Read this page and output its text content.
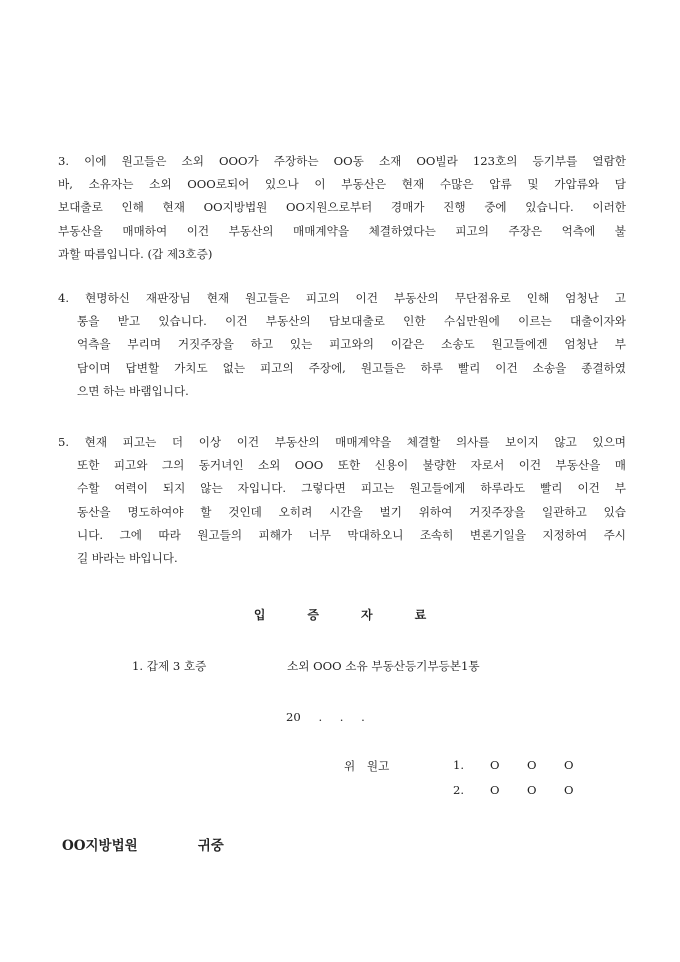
3. 이에 원고들은 소외 OOO가 주장하는 OO동 소재 OO빌라 123호의 등기부를 열람한
바, 소유자는 소외 OOO로되어 있으나 이 부동산은 현재 수많은 압류 및 가압류와 담
보대출로 인해 현재 OO지방법원 OO지원으로부터 경매가 진행 중에 있습니다. 이러한
부동산을 매매하여 이건 부동산의 매매계약을 체결하였다는 피고의 주장은 억측에 불
과할 따름입니다. (갑 제3호증)
4. 현명하신 재판장님 현재 원고들은 피고의 이건 부동산의 무단점유로 인해 엄청난 고
통을 받고 있습니다. 이건 부동산의 담보대출로 인한 수십만원에 이르는 대출이자와
억측을 부리며 거짓주장을 하고 있는 피고와의 이같은 소송도 원고들에겐 엄청난 부
담이며 답변할 가치도 없는 피고의 주장에, 원고들은 하루 빨리 이건 소송을 종결하였
으면 하는 바램입니다.
5. 현재 피고는 더 이상 이건 부동산의 매매계약을 체결할 의사를 보이지 않고 있으며
또한 피고와 그의 동거녀인 소외 OOO 또한 신용이 불량한 자로서 이건 부동산을 매
수할 여력이 되지 않는 자입니다. 그렇다면 피고는 원고들에게 하루라도 빨리 이건 부
동산을 명도하여야 할 것인데 오히려 시간을 벌기 위하여 거짓주장을 일관하고 있습
니다. 그에 따라 원고들의 피해가 너무 막대하오니 조속히 변론기일을 지정하여 주시
길 바라는 바입니다.
입	증	자	료
1. 갑제 3 호증	소외 OOO 소유 부동산등기부등본1통
20 . . .
위 원고	1. O O O
2. O O O
OO지방법원	귀중
